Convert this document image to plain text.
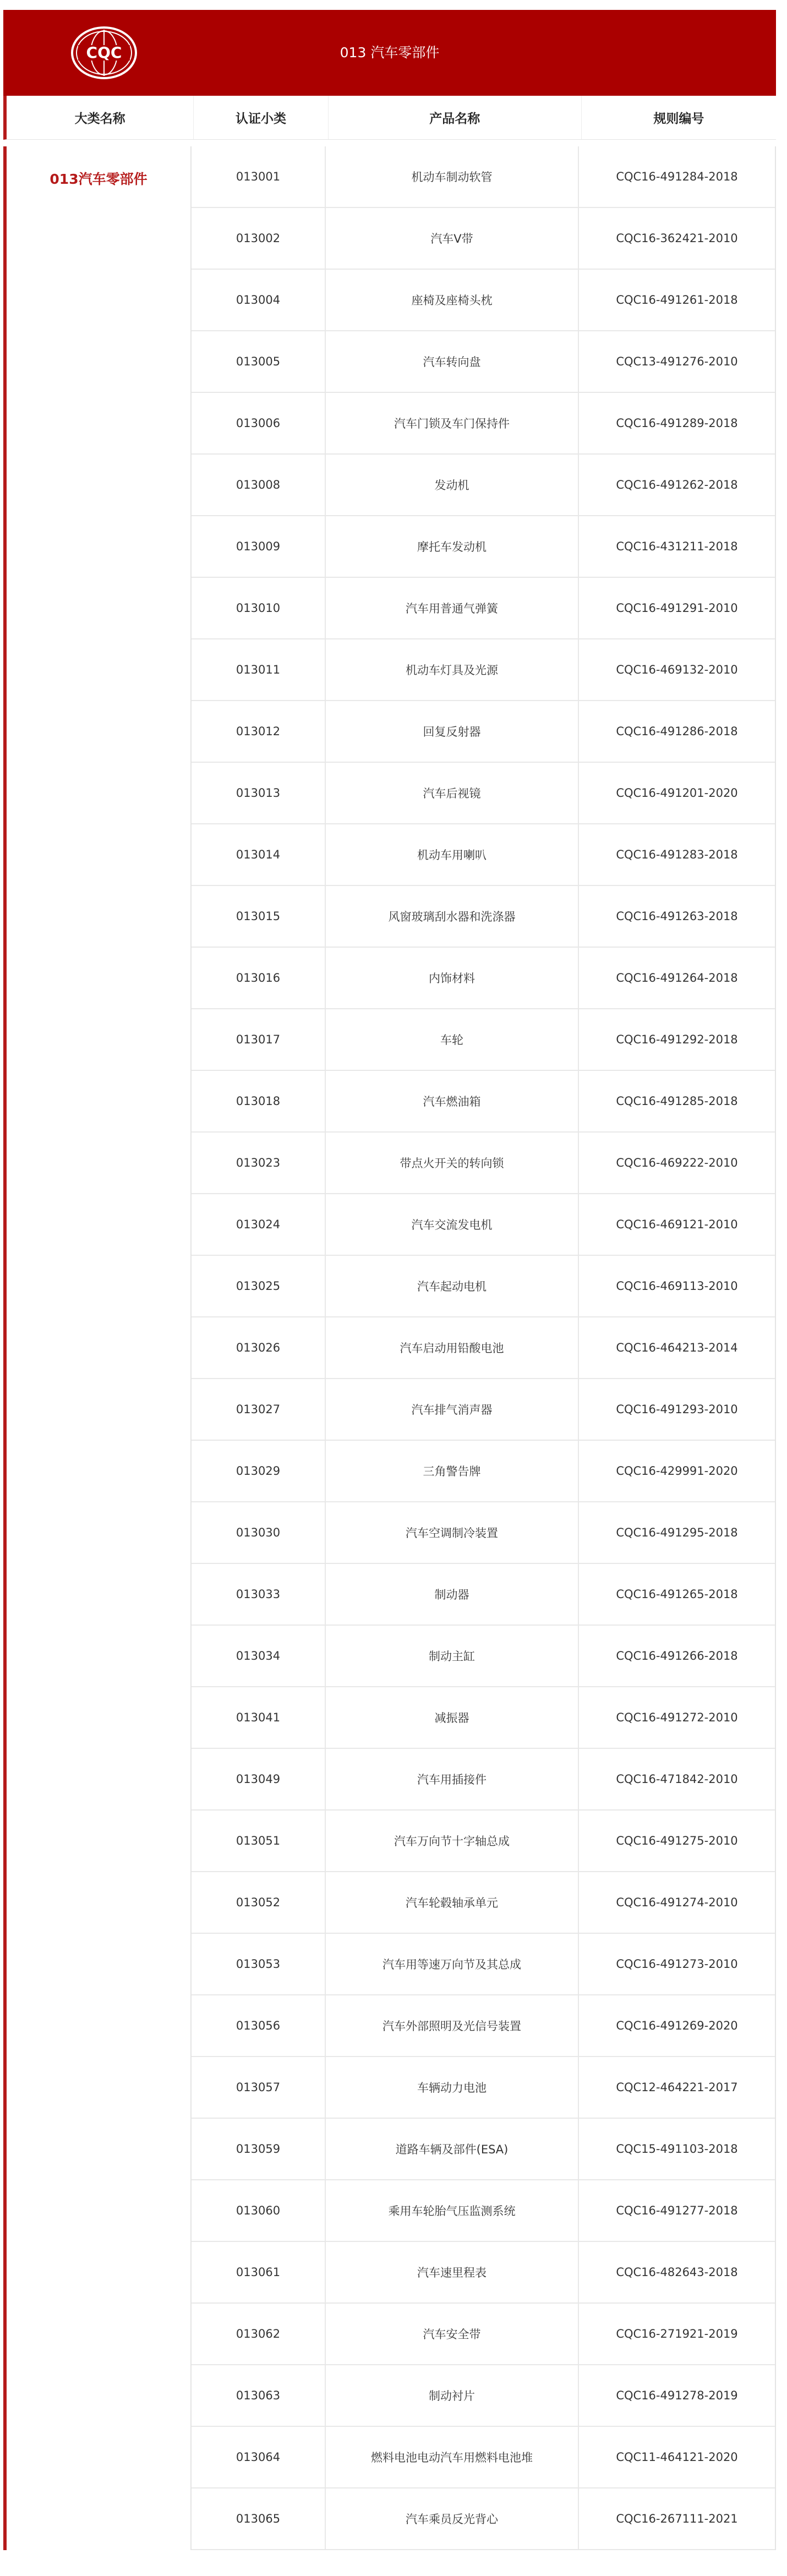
CQC	013 汽车零部件
大类名称	认证小类	产品名称	规则编号
013汽车零部件	013001	机动车制动软管	CQC16-491284-2018
013002	汽车V带	CQC16-362421-2010
013004	座椅及座椅头枕	CQC16-491261-2018
013005	汽车转向盘	CQC13-491276-2010
013006	汽车门锁及车门保持件	CQC16-491289-2018
013008	发动机	CQC16-491262-2018
013009	摩托车发动机	CQC16-431211-2018
013010	汽车用普通气弹簧	CQC16-491291-2010
013011	机动车灯具及光源	CQC16-469132-2010
013012	回复反射器	CQC16-491286-2018
013013	汽车后视镜	CQC16-491201-2020
013014	机动车用喇叭	CQC16-491283-2018
013015	风窗玻璃刮水器和洗涤器	CQC16-491263-2018
013016	内饰材料	CQC16-491264-2018
013017	车轮	CQC16-491292-2018
013018	汽车燃油箱	CQC16-491285-2018
013023	带点火开关的转向锁	CQC16-469222-2010
013024	汽车交流发电机	CQC16-469121-2010
013025	汽车起动电机	CQC16-469113-2010
013026	汽车启动用铅酸电池	CQC16-464213-2014
013027	汽车排气消声器	CQC16-491293-2010
013029	三角警告牌	CQC16-429991-2020
013030	汽车空调制冷装置	CQC16-491295-2018
013033	制动器	CQC16-491265-2018
013034	制动主缸	CQC16-491266-2018
013041	减振器	CQC16-491272-2010
013049	汽车用插接件	CQC16-471842-2010
013051	汽车万向节十字轴总成	CQC16-491275-2010
013052	汽车轮毂轴承单元	CQC16-491274-2010
013053	汽车用等速万向节及其总成	CQC16-491273-2010
013056	汽车外部照明及光信号装置	CQC16-491269-2020
013057	车辆动力电池	CQC12-464221-2017
013059	道路车辆及部件(ESA)	CQC15-491103-2018
013060	乘用车轮胎气压监测系统	CQC16-491277-2018
013061	汽车速里程表	CQC16-482643-2018
013062	汽车安全带	CQC16-271921-2019
013063	制动衬片	CQC16-491278-2019
013064	燃料电池电动汽车用燃料电池堆	CQC11-464121-2020
013065	汽车乘员反光背心	CQC16-267111-2021
